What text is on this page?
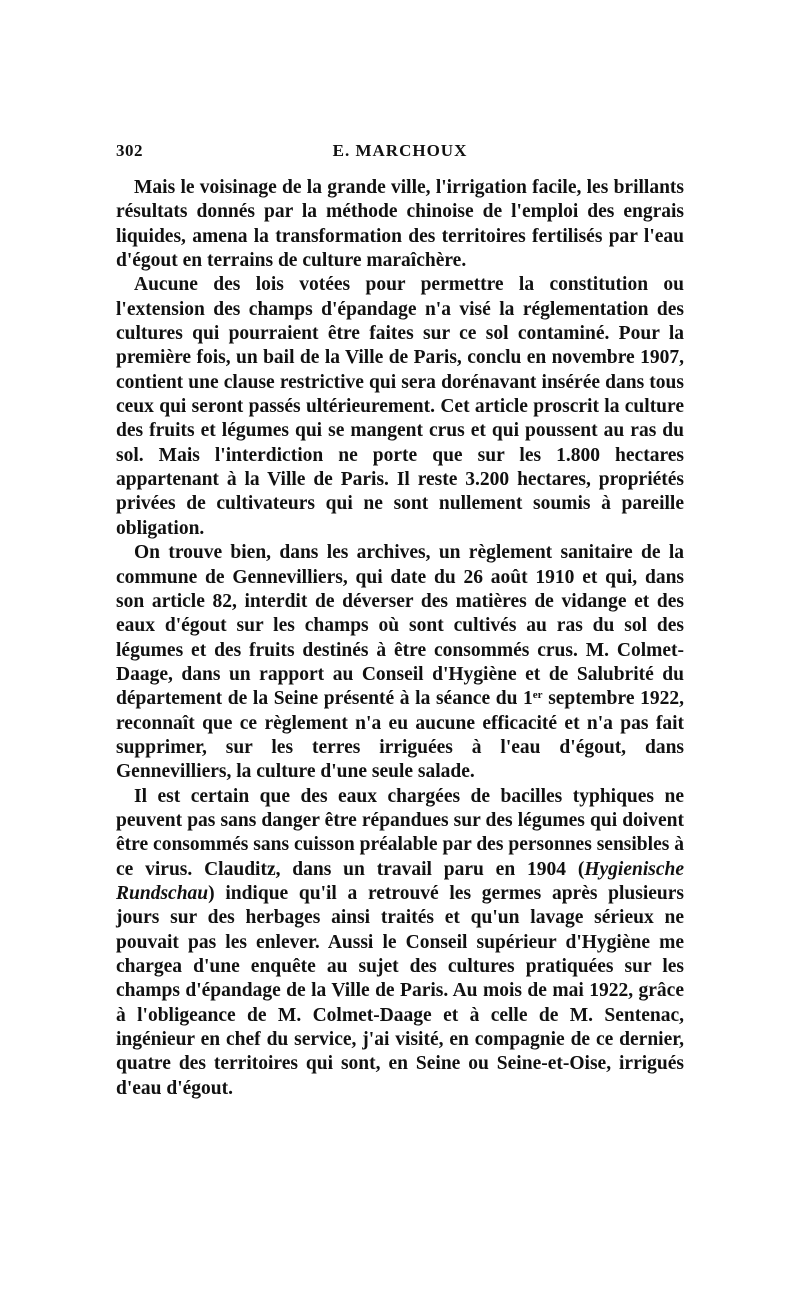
302	E. MARCHOUX

Mais le voisinage de la grande ville, l'irrigation facile, les brillants résultats donnés par la méthode chinoise de l'emploi des engrais liquides, amena la transformation des territoires fertilisés par l'eau d'égout en terrains de culture maraîchère.

Aucune des lois votées pour permettre la constitution ou l'extension des champs d'épandage n'a visé la réglementation des cultures qui pourraient être faites sur ce sol contaminé. Pour la première fois, un bail de la Ville de Paris, conclu en novembre 1907, contient une clause restrictive qui sera dorénavant insérée dans tous ceux qui seront passés ultérieurement. Cet article proscrit la culture des fruits et légumes qui se mangent crus et qui poussent au ras du sol. Mais l'interdiction ne porte que sur les 1.800 hectares appartenant à la Ville de Paris. Il reste 3.200 hectares, propriétés privées de cultivateurs qui ne sont nullement soumis à pareille obligation.

On trouve bien, dans les archives, un règlement sanitaire de la commune de Gennevilliers, qui date du 26 août 1910 et qui, dans son article 82, interdit de déverser des matières de vidange et des eaux d'égout sur les champs où sont cultivés au ras du sol des légumes et des fruits destinés à être consommés crus. M. Colmet-Daage, dans un rapport au Conseil d'Hygiène et de Salubrité du département de la Seine présenté à la séance du 1er septembre 1922, reconnaît que ce règlement n'a eu aucune efficacité et n'a pas fait supprimer, sur les terres irriguées à l'eau d'égout, dans Gennevilliers, la culture d'une seule salade.

Il est certain que des eaux chargées de bacilles typhiques ne peuvent pas sans danger être répandues sur des légumes qui doivent être consommés sans cuisson préalable par des personnes sensibles à ce virus. Clauditz, dans un travail paru en 1904 (Hygienische Rundschau) indique qu'il a retrouvé les germes après plusieurs jours sur des herbages ainsi traités et qu'un lavage sérieux ne pouvait pas les enlever. Aussi le Conseil supérieur d'Hygiène me chargea d'une enquête au sujet des cultures pratiquées sur les champs d'épandage de la Ville de Paris. Au mois de mai 1922, grâce à l'obligeance de M. Colmet-Daage et à celle de M. Sentenac, ingénieur en chef du service, j'ai visité, en compagnie de ce dernier, quatre des territoires qui sont, en Seine ou Seine-et-Oise, irrigués d'eau d'égout.
